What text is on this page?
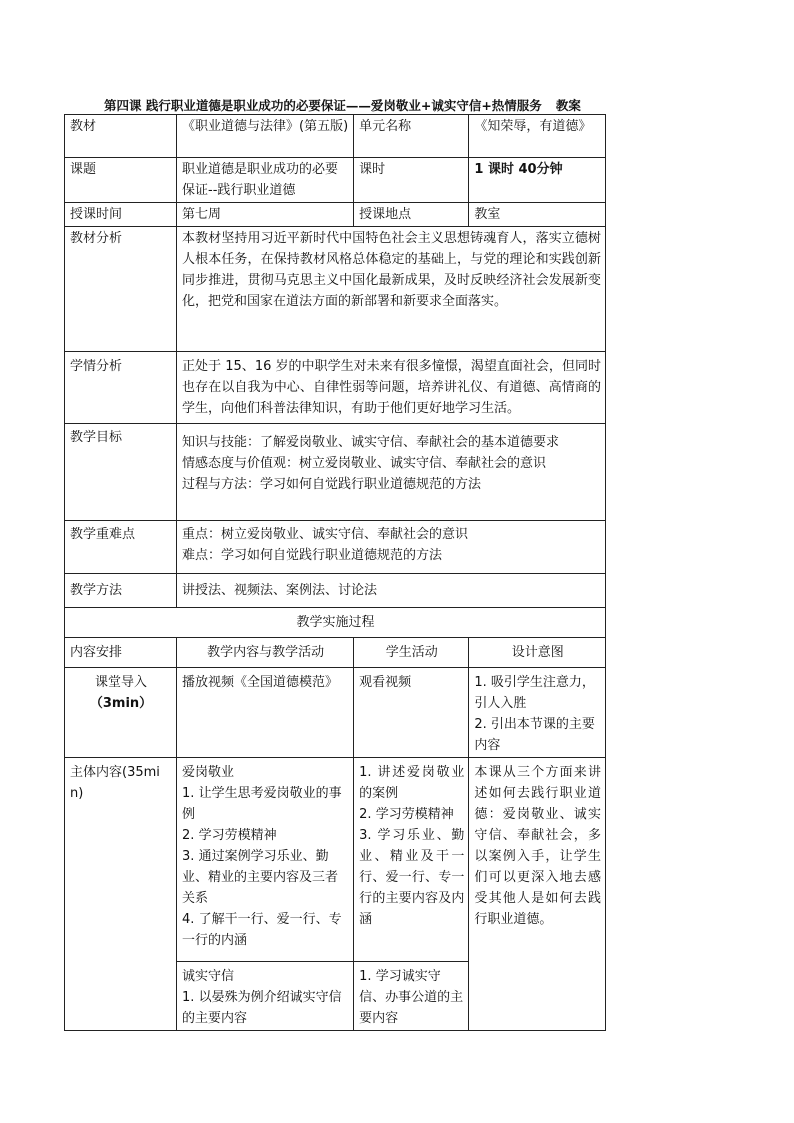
第四课 践行职业道德是职业成功的必要保证——爱岗敬业+诚实守信+热情服务 教案
教材	《职业道德与法律》(第五版)	单元名称	《知荣辱，有道德》
课题	职业道德是职业成功的必要保证--践行职业道德	课时	1 课时 40分钟
授课时间	第七周	授课地点	教室
教材分析	本教材坚持用习近平新时代中国特色社会主义思想铸魂育人，落实立德树人根本任务，在保持教材风格总体稳定的基础上，与党的理论和实践创新同步推进，贯彻马克思主义中国化最新成果，及时反映经济社会发展新变化，把党和国家在道法方面的新部署和新要求全面落实。		
学情分析	正处于 15、16 岁的中职学生对未来有很多憧憬，渴望直面社会，但同时也存在以自我为中心、自律性弱等问题，培养讲礼仪、有道德、高情商的学生，向他们科普法律知识，有助于他们更好地学习生活。		
教学目标	知识与技能：了解爱岗敬业、诚实守信、奉献社会的基本道德要求
情感态度与价值观：树立爱岗敬业、诚实守信、奉献社会的意识
过程与方法：学习如何自觉践行职业道德规范的方法		

教学重难点	重点：树立爱岗敬业、诚实守信、奉献社会的意识
难点：学习如何自觉践行职业道德规范的方法		

教学方法	讲授法、视频法、案例法、讨论法		
教学实施过程			
内容安排	教学内容与教学活动	学生活动	设计意图

课堂导入
（3min）	播放视频《全国道德模范》	观看视频	1. 吸引学生注意力，引人入胜
2. 引出本节课的主要内容

主体内容(35min)	爱岗敬业
1. 让学生思考爱岗敬业的事例
2. 学习劳模精神
3. 通过案例学习乐业、勤业、精业的主要内容及三者关系
4. 了解干一行、爱一行、专一行的内涵	1. 讲述爱岗敬业的案例
2. 学习劳模精神
3. 学习乐业、勤业、精业及干一行、爱一行、专一行的主要内容及内涵	本课从三个方面来讲述如何去践行职业道德：爱岗敬业、诚实守信、奉献社会，多以案例入手，让学生们可以更深入地去感受其他人是如何去践行职业道德。

	诚实守信
1. 以晏殊为例介绍诚实守信的主要内容	1. 学习诚实守信、办事公道的主要内容	
